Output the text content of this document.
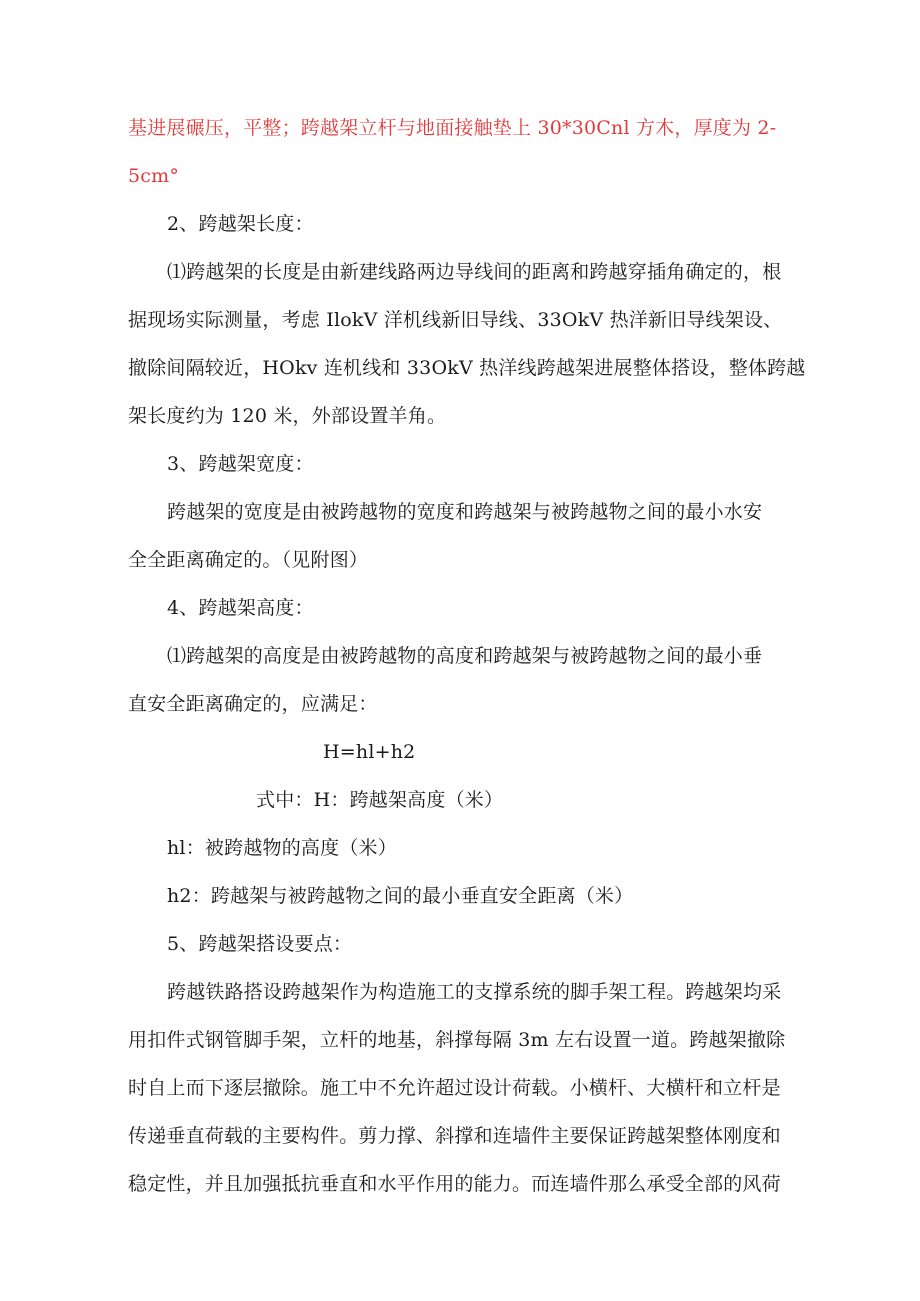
基进展碾压，平整；跨越架立杆与地面接触垫上 30*30Cnl 方木，厚度为 2-
5cm°
2、跨越架长度：
⑴跨越架的长度是由新建线路两边导线间的距离和跨越穿插角确定的，根
据现场实际测量，考虑 IlokV 洋机线新旧导线、33OkV 热洋新旧导线架设、
撤除间隔较近，HOkv 连机线和 33OkV 热洋线跨越架进展整体搭设，整体跨越
架长度约为 120 米，外部设置羊角。
3、跨越架宽度：
跨越架的宽度是由被跨越物的宽度和跨越架与被跨越物之间的最小水安
全全距离确定的。（见附图）
4、跨越架高度：
⑴跨越架的高度是由被跨越物的高度和跨越架与被跨越物之间的最小垂
直安全距离确定的，应满足：
H=hl+h2
式中：H：跨越架高度（米）
hl：被跨越物的高度（米）
h2：跨越架与被跨越物之间的最小垂直安全距离（米）
5、跨越架搭设要点：
跨越铁路搭设跨越架作为构造施工的支撑系统的脚手架工程。跨越架均采
用扣件式钢管脚手架，立杆的地基，斜撑每隔 3m 左右设置一道。跨越架撤除
时自上而下逐层撤除。施工中不允许超过设计荷载。小横杆、大横杆和立杆是
传递垂直荷载的主要构件。剪力撑、斜撑和连墙件主要保证跨越架整体刚度和
稳定性，并且加强抵抗垂直和水平作用的能力。而连墙件那么承受全部的风荷
